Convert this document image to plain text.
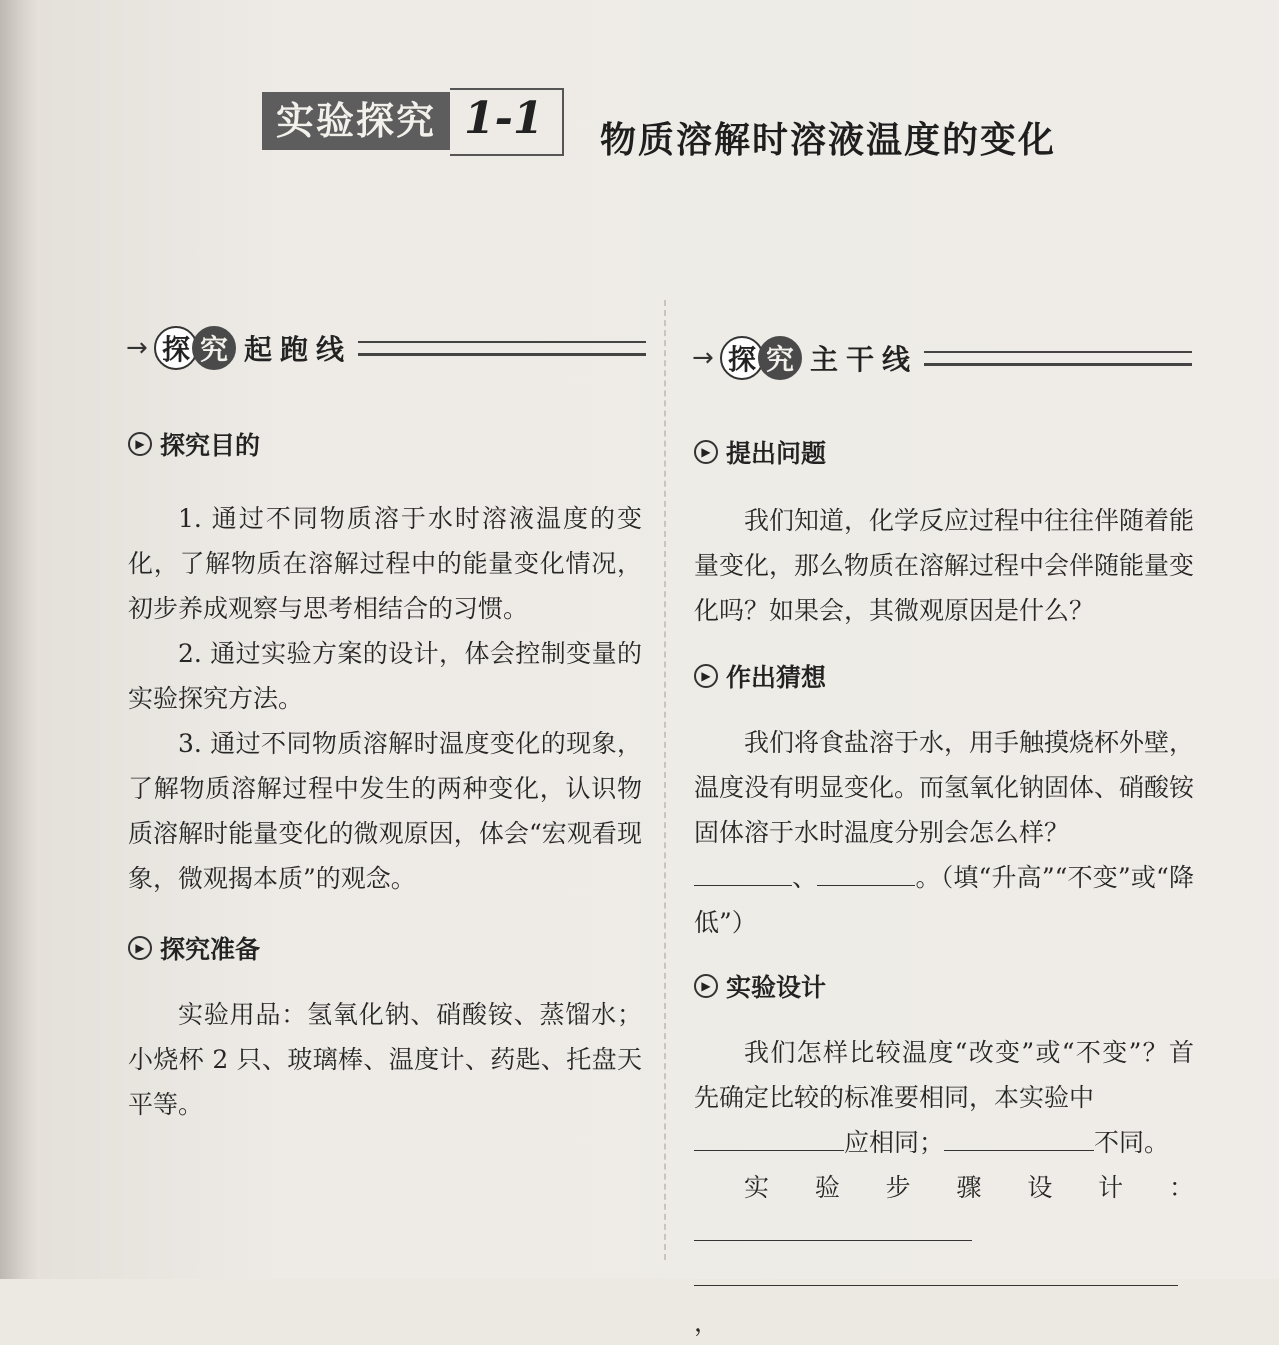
实验探究 1-1	物质溶解时溶液温度的变化
→ 探 究 起跑线
▶ 探究目的

1. 通过不同物质溶于水时溶液温度的变化，了解物质在溶解过程中的能量变化情况，初步养成观察与思考相结合的习惯。

2. 通过实验方案的设计，体会控制变量的实验探究方法。

3. 通过不同物质溶解时温度变化的现象，了解物质溶解过程中发生的两种变化，认识物质溶解时能量变化的微观原因，体会“宏观看现象，微观揭本质”的观念。

▶ 探究准备

实验用品：氢氧化钠、硝酸铵、蒸馏水；小烧杯 2 只、玻璃棒、温度计、药匙、托盘天平等。

→ 探 究 主干线
▶ 提出问题

我们知道，化学反应过程中往往伴随着能量变化，那么物质在溶解过程中会伴随能量变化吗？如果会，其微观原因是什么？

▶ 作出猜想

我们将食盐溶于水，用手触摸烧杯外壁，温度没有明显变化。而氢氧化钠固体、硝酸铵固体溶于水时温度分别会怎么样？

、	。（填“升高”“不变”或“降低”）

▶ 实验设计

我们怎样比较温度“改变”或“不变”？首先确定比较的标准要相同，本实验中

应相同；	不同。

实验步骤设计：

，
